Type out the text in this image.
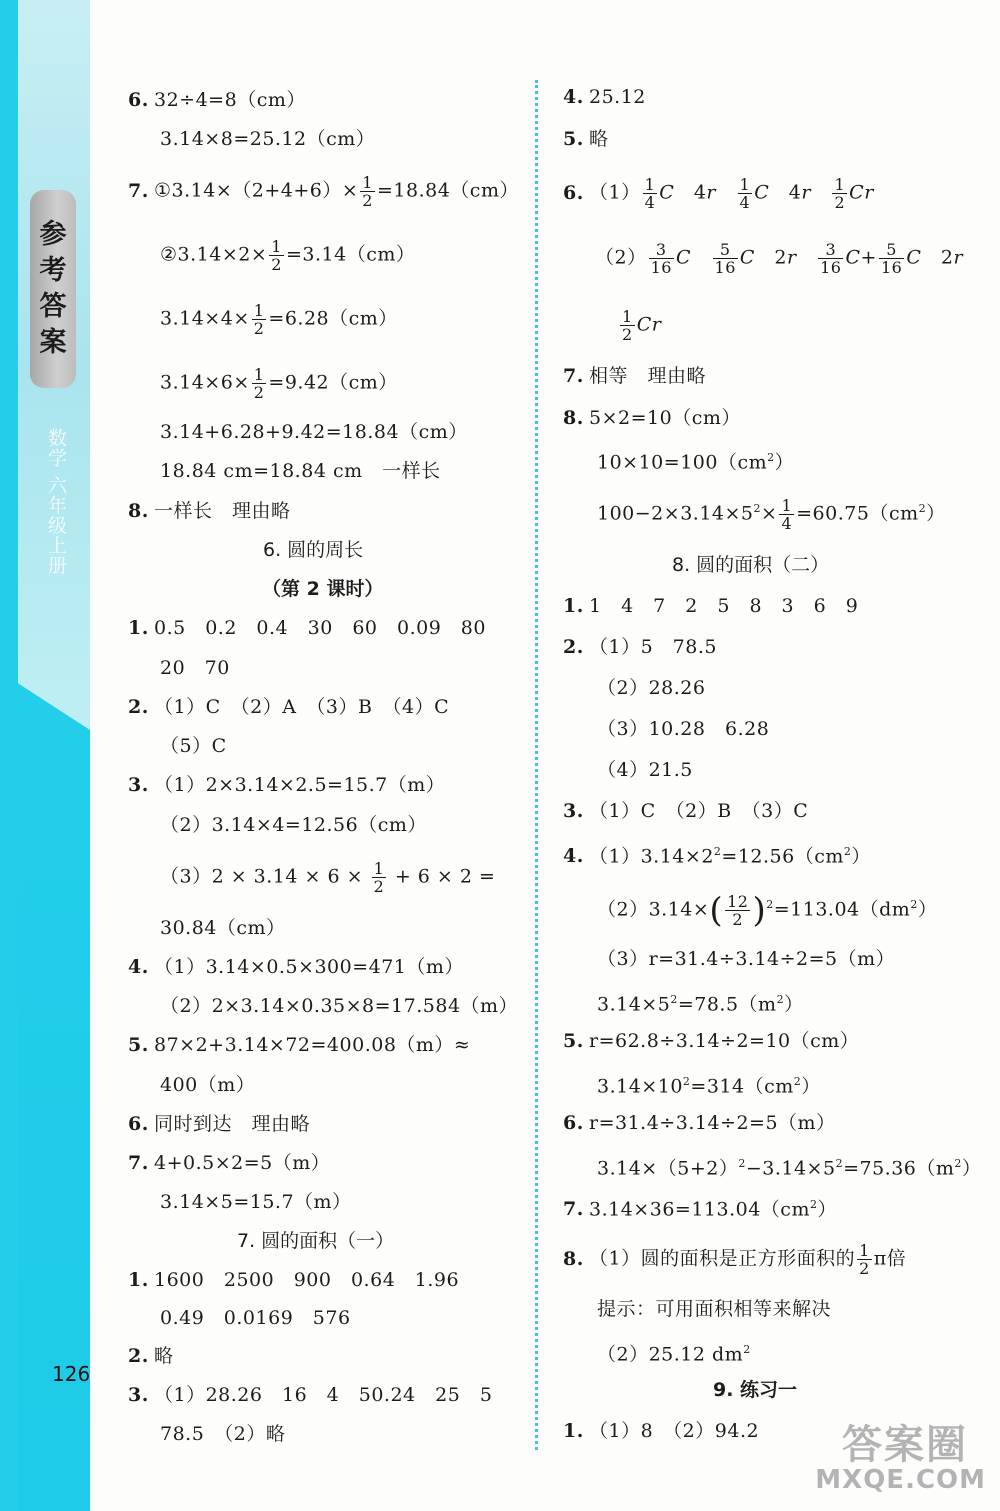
参
考
答
案
数学 六年级上册
126
6. 32÷4=8（cm）
3.14×8=25.12（cm）
7. ①3.14×（2+4+6）× $\frac{1}{2} =18.84(cm)$
②3.14×2× $\frac{1}{2} =3.14(cm)$
$3.14\times 4\times \frac{1}{2} =6.28(cm)$
$3.14\times 6\times \frac{1}{2} =9.42(cm)$
3.14+6.28+9.42=18.84（cm）
18.84 cm=18.84 cm　一样长
8. 一样长　理由略
6. 圆的周长
（第 2 课时）
1. 0.5　0.2　0.4　30　60　0.09　80
20　70
2. （1）C　（2）A　（3）B　（4）C
（5）C
3. （1）2×3.14×2.5=15.7（m）
（2）3.14×4=12.56（cm）
$(3)2 \times 3.14 \times 6 \times \frac{1}{2} + 6 \times 2$ =
30.84（cm）
4. （1）3.14×0.5×300=471（m）
（2）2×3.14×0.35×8=17.584（m）
5. 87×2+3.14×72=400.08（m）≈
400（m）
6. 同时到达　理由略
7. 4+0.5×2=5（m）
3.14×5=15.7（m）
7. 圆的面积（一）
1. 1600　2500　900　0.64　1.96
0.49　0.0169　576
2. 略
3. （1）28.26　16　4　50.24　25　5
78.5　（2）略
4. 25.12
5. 略
6. $(1) \frac{1}{4}$ C　4r　 $\frac{1}{4}$ C　4r　 $\frac{1}{2}$ Cr
$(2) \frac{3}{16}$ C　 $\frac{5}{16}$ C　2r　 $\frac{3}{16} C+ \frac{5}{16}$ C　2r
$\frac{1}{2}$ Cr
7. 相等　理由略
8. 5×2=10（cm）
$10\times 10=100(cm^2)$
$100-2\times 3.14\times 5^2\times \frac{1}{4} =60.75(cm^2)$
8. 圆的面积（二）
1. 1　4　7　2　5　8　3　6　9
2. （1）5　78.5
（2）28.26
（3）10.28　6.28
（4）21.5
3. （1）C　（2）B　（3）C
4. $(1)3.14\times 2^2=12.56(cm^2)$
$(2)3.14\times( \frac{12}{2} )^2=113.04(dm^2)$
（3）r=31.4÷3.14÷2=5（m）
$3.14\times 5^2=78.5(m^2)$
5. r=62.8÷3.14÷2=10（cm）
$3.14\times 10^2=314(cm^2)$
6. r=31.4÷3.14÷2=5（m）
$3.14\times(5+2)^2-3.14\times 5^2=75.36(m^2)$
7. $3.14\times 36=113.04(cm^2)$
8. （1）圆的面积是正方形面积的 $\frac{1}{2}$ π倍
提示：可用面积相等来解决
（2）25.12 $dm^2$
9. 练习一
1. （1）8　（2）94.2 答案圈
MXQE.COM
